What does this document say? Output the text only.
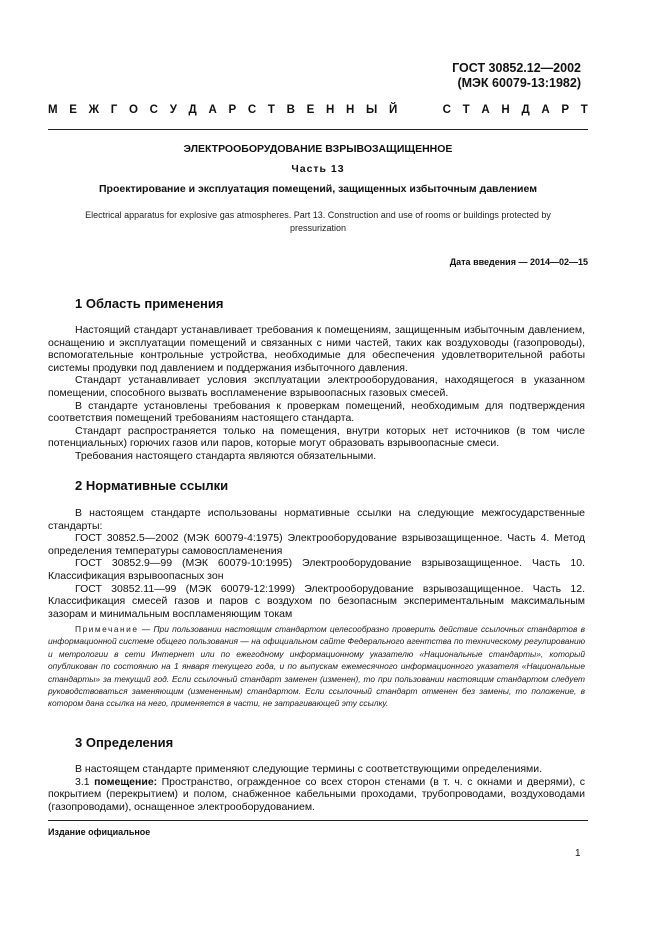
ГОСТ 30852.12—2002
(МЭК 60079-13:1982)
М Е Ж Г О С У Д А Р С Т В Е Н Н Ы Й	С Т А Н Д А Р Т
ЭЛЕКТРООБОРУДОВАНИЕ ВЗРЫВОЗАЩИЩЕННОЕ
Часть 13
Проектирование и эксплуатация помещений, защищенных избыточным давлением
Electrical apparatus for explosive gas atmospheres. Part 13. Construction and use of rooms or buildings protected by
pressurization
Дата введения — 2014—02—15
1 Область применения

Настоящий стандарт устанавливает требования к помещениям, защищенным избыточным давлением, оснащению и эксплуатации помещений и связанных с ними частей, таких как воздуховоды (газопроводы), вспомогательные контрольные устройства, необходимые для обеспечения удовлетворительной работы системы продувки под давлением и поддержания избыточного давления.

Стандарт устанавливает условия эксплуатации электрооборудования, находящегося в указанном помещении, способного вызвать воспламенение взрывоопасных газовых смесей.

В стандарте установлены требования к проверкам помещений, необходимым для подтверждения соответствия помещений требованиям настоящего стандарта.

Стандарт распространяется только на помещения, внутри которых нет источников (в том числе потенциальных) горючих газов или паров, которые могут образовать взрывоопасные смеси.

Требования настоящего стандарта являются обязательными.

2 Нормативные ссылки

В настоящем стандарте использованы нормативные ссылки на следующие межгосударственные стандарты:

ГОСТ 30852.5—2002 (МЭК 60079-4:1975) Электрооборудование взрывозащищенное. Часть 4. Метод определения температуры самовоспламенения

ГОСТ 30852.9—99 (МЭК 60079-10:1995) Электрооборудование взрывозащищенное. Часть 10. Классификация взрывоопасных зон

ГОСТ 30852.11—99 (МЭК 60079-12:1999) Электрооборудование взрывозащищенное. Часть 12. Классификация смесей газов и паров с воздухом по безопасным экспериментальным максимальным зазорам и минимальным воспламеняющим токам

Примечание — При пользовании настоящим стандартом целесообразно проверить действие ссылочных стандартов в информационной системе общего пользования — на официальном сайте Федерального агентства по техническому регулированию и метрологии в сети Интернет или по ежегодному информационному указателю «Национальные стандарты», который опубликован по состоянию на 1 января текущего года, и по выпускам ежемесячного информационного указателя «Национальные стандарты» за текущий год. Если ссылочный стандарт заменен (изменен), то при пользовании настоящим стандартом следует руководствоваться заменяющим (измененным) стандартом. Если ссылочный стандарт отменен без замены, то положение, в котором дана ссылка на него, применяется в части, не затрагивающей эту ссылку.

3 Определения

В настоящем стандарте применяют следующие термины с соответствующими определениями.

3.1 помещение: Пространство, огражденное со всех сторон стенами (в т. ч. с окнами и дверями), с покрытием (перекрытием) и полом, снабженное кабельными проходами, трубопроводами, воздуховодами (газопроводами), оснащенное электрооборудованием.

Издание официальное
1
